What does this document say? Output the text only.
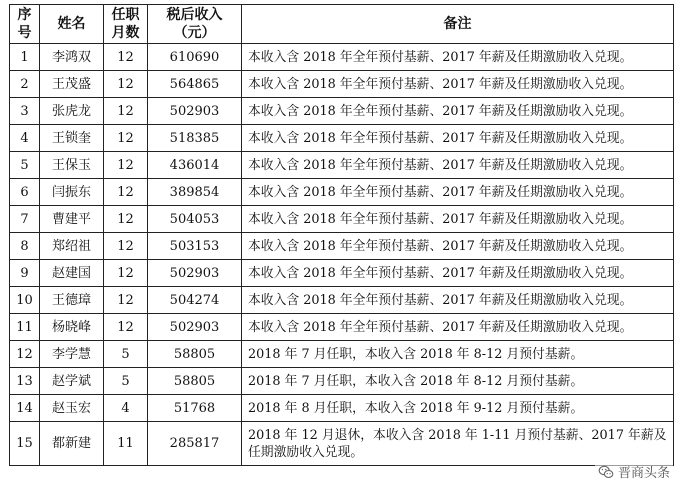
序号	姓名	任职月数	税后收入（元）	备注
1	李鸿双	12	610690	本收入含 2018 年全年预付基薪、2017 年薪及任期激励收入兑现。
2	王茂盛	12	564865	本收入含 2018 年全年预付基薪、2017 年薪及任期激励收入兑现。
3	张虎龙	12	502903	本收入含 2018 年全年预付基薪、2017 年薪及任期激励收入兑现。
4	王锁奎	12	518385	本收入含 2018 年全年预付基薪、2017 年薪及任期激励收入兑现。
5	王保玉	12	436014	本收入含 2018 年全年预付基薪、2017 年薪及任期激励收入兑现。
6	闫振东	12	389854	本收入含 2018 年全年预付基薪、2017 年薪及任期激励收入兑现。
7	曹建平	12	504053	本收入含 2018 年全年预付基薪、2017 年薪及任期激励收入兑现。
8	郑绍祖	12	503153	本收入含 2018 年全年预付基薪、2017 年薪及任期激励收入兑现。
9	赵建国	12	502903	本收入含 2018 年全年预付基薪、2017 年薪及任期激励收入兑现。
10	王德璋	12	504274	本收入含 2018 年全年预付基薪、2017 年薪及任期激励收入兑现。
11	杨晓峰	12	502903	本收入含 2018 年全年预付基薪、2017 年薪及任期激励收入兑现。
12	李学慧	5	58805	2018 年 7 月任职，本收入含 2018 年 8-12 月预付基薪。
13	赵学斌	5	58805	2018 年 7 月任职，本收入含 2018 年 8-12 月预付基薪。
14	赵玉宏	4	51768	2018 年 8 月任职，本收入含 2018 年 9-12 月预付基薪。
15	都新建	11	285817	2018 年 12 月退休，本收入含 2018 年 1-11 月预付基薪、2017 年薪及任期激励收入兑现。
晋商头条
